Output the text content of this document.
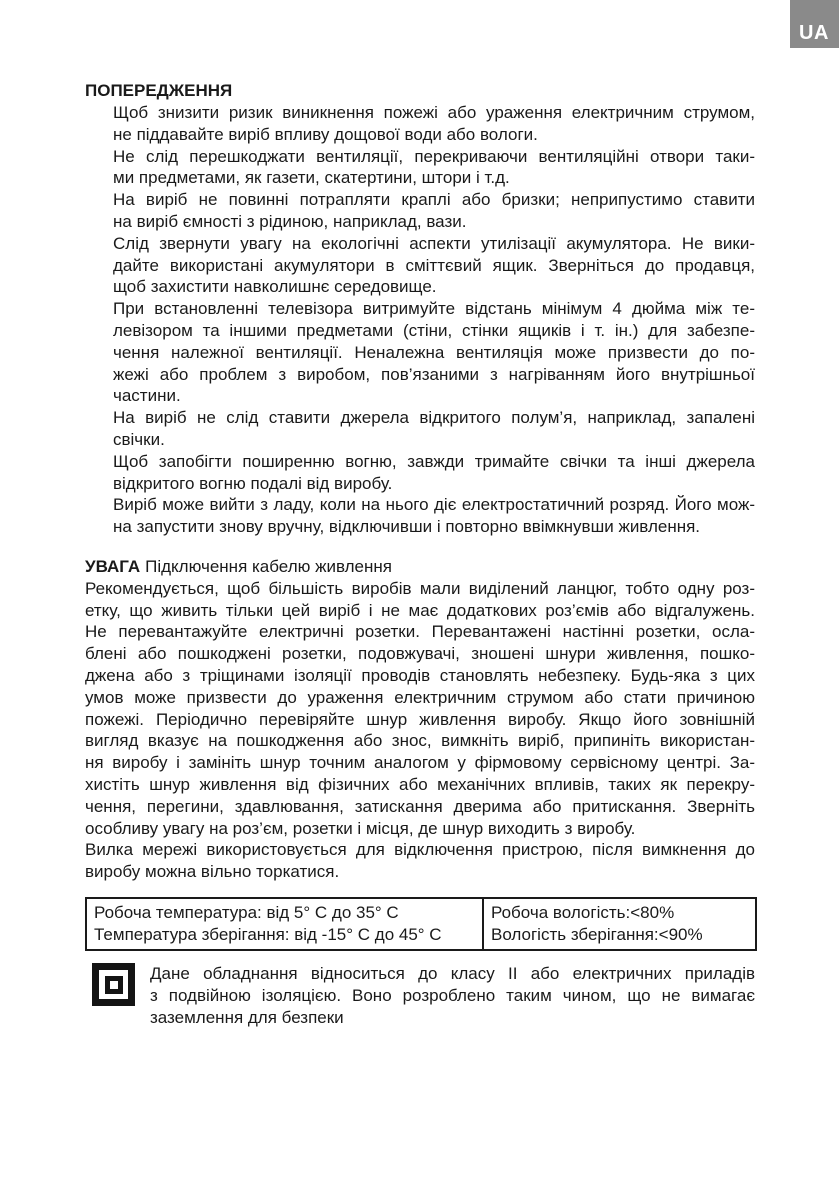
UA
ПОПЕРЕДЖЕННЯ
Щоб знизити ризик виникнення пожежі або ураження електричним струмом,
не піддавайте виріб впливу дощової води або вологи.
Не слід перешкоджати вентиляції, перекриваючи вентиляційні отвори таки-
ми предметами, як газети, скатертини, штори і т.д.
На виріб не повинні потрапляти краплі або бризки; неприпустимо ставити
на виріб ємності з рідиною, наприклад, вази.
Слід звернути увагу на екологічні аспекти утилізації акумулятора. Не вики-
дайте використані акумулятори в сміттєвий ящик. Зверніться до продавця,
щоб захистити навколишнє середовище.
При встановленні телевізора витримуйте відстань мінімум 4 дюйма між те-
левізором та іншими предметами (стіни, стінки ящиків і т. ін.) для забезпе-
чення належної вентиляції. Неналежна вентиляція може призвести до по-
жежі або проблем з виробом, пов’язаними з нагріванням його внутрішньої
частини.
На виріб не слід ставити джерела відкритого полум’я, наприклад, запалені
свічки.
Щоб запобігти поширенню вогню, завжди тримайте свічки та інші джерела
відкритого вогню подалі від виробу.
Виріб може вийти з ладу, коли на нього діє електростатичний розряд. Його мож-
на запустити знову вручну, відключивши і повторно ввімкнувши живлення.
УВАГА Підключення кабелю живлення
Рекомендується, щоб більшість виробів мали виділений ланцюг, тобто одну роз-
етку, що живить тільки цей виріб і не має додаткових роз’ємів або відгалужень.
Не перевантажуйте електричні розетки. Перевантажені настінні розетки, осла-
блені або пошкоджені розетки, подовжувачі, зношені шнури живлення, пошко-
джена або з тріщинами ізоляції проводів становлять небезпеку. Будь-яка з цих
умов може призвести до ураження електричним струмом або стати причиною
пожежі. Періодично перевіряйте шнур живлення виробу. Якщо його зовнішній
вигляд вказує на пошкодження або знос, вимкніть виріб, припиніть використан-
ня виробу і замініть шнур точним аналогом у фірмовому сервісному центрі. За-
хистіть шнур живлення від фізичних або механічних впливів, таких як перекру-
чення, перегини, здавлювання, затискання дверима або притискання. Зверніть
особливу увагу на роз’єм, розетки і місця, де шнур виходить з виробу.
Вилка мережі використовується для відключення пристрою, після вимкнення до
виробу можна вільно торкатися.
Робоча температура: від 5° C до 35° C
Температура зберігання: від -15° C до 45° C
Робоча вологість:<80%
Вологість зберігання:<90%
Дане обладнання відноситься до класу II або електричних приладів
з подвійною ізоляцією. Воно розроблено таким чином, що не вимагає
заземлення для безпеки
